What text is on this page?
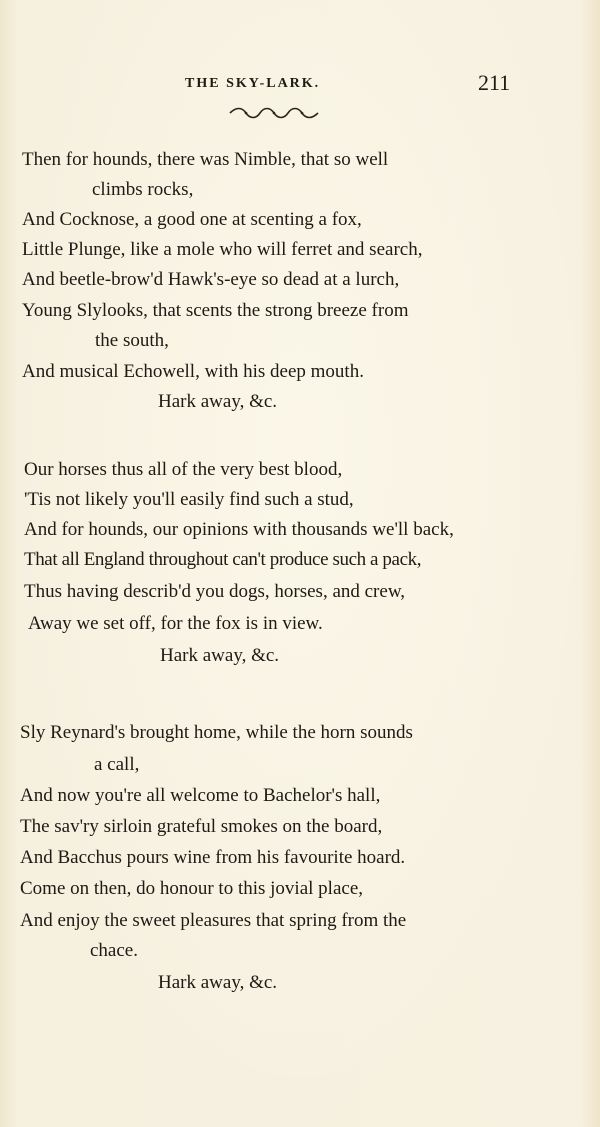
THE SKY-LARK.	211
Then for hounds, there was Nimble, that so well
climbs rocks,
And Cocknose, a good one at scenting a fox,
Little Plunge, like a mole who will ferret and search,
And beetle-brow'd Hawk's-eye so dead at a lurch,
Young Slylooks, that scents the strong breeze from
the south,
And musical Echowell, with his deep mouth.
Hark away, &c.
Our horses thus all of the very best blood,
'Tis not likely you'll easily find such a stud,
And for hounds, our opinions with thousands we'll back,
That all England throughout can't produce such a pack,
Thus having describ'd you dogs, horses, and crew,
Away we set off, for the fox is in view.
Hark away, &c.
Sly Reynard's brought home, while the horn sounds
a call,
And now you're all welcome to Bachelor's hall,
The sav'ry sirloin grateful smokes on the board,
And Bacchus pours wine from his favourite hoard.
Come on then, do honour to this jovial place,
And enjoy the sweet pleasures that spring from the
chace.
Hark away, &c.
